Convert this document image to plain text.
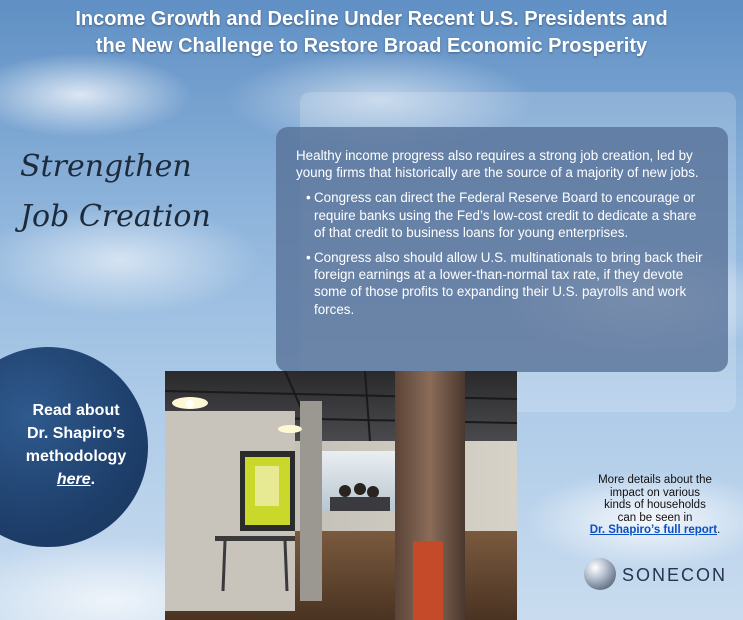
Income Growth and Decline Under Recent U.S. Presidents and
the New Challenge to Restore Broad Economic Prosperity
Strengthen
Job Creation

Healthy income progress also requires a strong job creation, led by young firms that historically are the source of a majority of new jobs.

• Congress can direct the Federal Reserve Board to encourage or require banks using the Fed’s low-cost credit to dedicate a share of that credit to business loans for young enterprises.
• Congress also should allow U.S. multinationals to bring back their foreign earnings at a lower-than-normal tax rate, if they devote some of those profits to expanding their U.S. payrolls and work forces.
Read about
Dr. Shapiro’s
methodology
here.	More details about the
impact on various
kinds of households
can be seen in
Dr. Shapiro’s full report.
SONECON
